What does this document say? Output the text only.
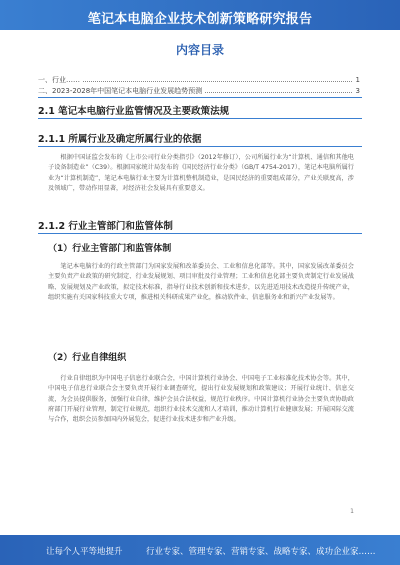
笔记本电脑企业技术创新策略研究报告
内容目录
一、行业……	1
二、2023-2028年中国笔记本电脑行业发展趋势预测	3
2.1 笔记本电脑行业监管情况及主要政策法规
2.1.1 所属行业及确定所属行业的依据
根据中国证监会发布的《上市公司行业分类指引》（2012年修订），公司所属行业为“计算机、通信和其他电子设备制造业”（C39）。根据国家统计局发布的《国民经济行业分类》（GB/T 4754-2017），笔记本电脑所属行业为“计算机制造”，笔记本电脑行业主要为计算机整机制造业，是国民经济的重要组成部分，产业关联度高，涉及领域广，带动作用显著，对经济社会发展具有重要意义。
2.1.2 行业主管部门和监管体制
（1）行业主管部门和监管体制
笔记本电脑行业的行政主管部门为国家发展和改革委员会、工业和信息化部等。其中，国家发展改革委员会主要负责产业政策的研究制定、行业发展规划、项目审批及行业管理；工业和信息化部主要负责制定行业发展战略、发展规划及产业政策，拟定技术标准，指导行业技术创新和技术进步，以先进适用技术改造提升传统产业，组织实施有关国家科技重大专项，推进相关科研成果产业化，推动软件业、信息服务业和新兴产业发展等。
（2）行业自律组织
行业自律组织为中国电子信息行业联合会，中国计算机行业协会、中国电子工业标准化技术协会等。其中，中国电子信息行业联合会主要负责开展行业调查研究，提出行业发展规划和政策建议；开展行业统计、信息交流，为会员提供服务，加强行业自律，维护会员合法权益，规范行业秩序。中国计算机行业协会主要负责协助政府部门开展行业管理，制定行业规范，组织行业技术交流和人才培训，推动计算机行业健康发展；开展国际交流与合作，组织会员参加国内外展览会，促进行业技术进步和产业升级。
1
让每个人平等地提升	行业专家、管理专家、营销专家、战略专家、成功企业家……
